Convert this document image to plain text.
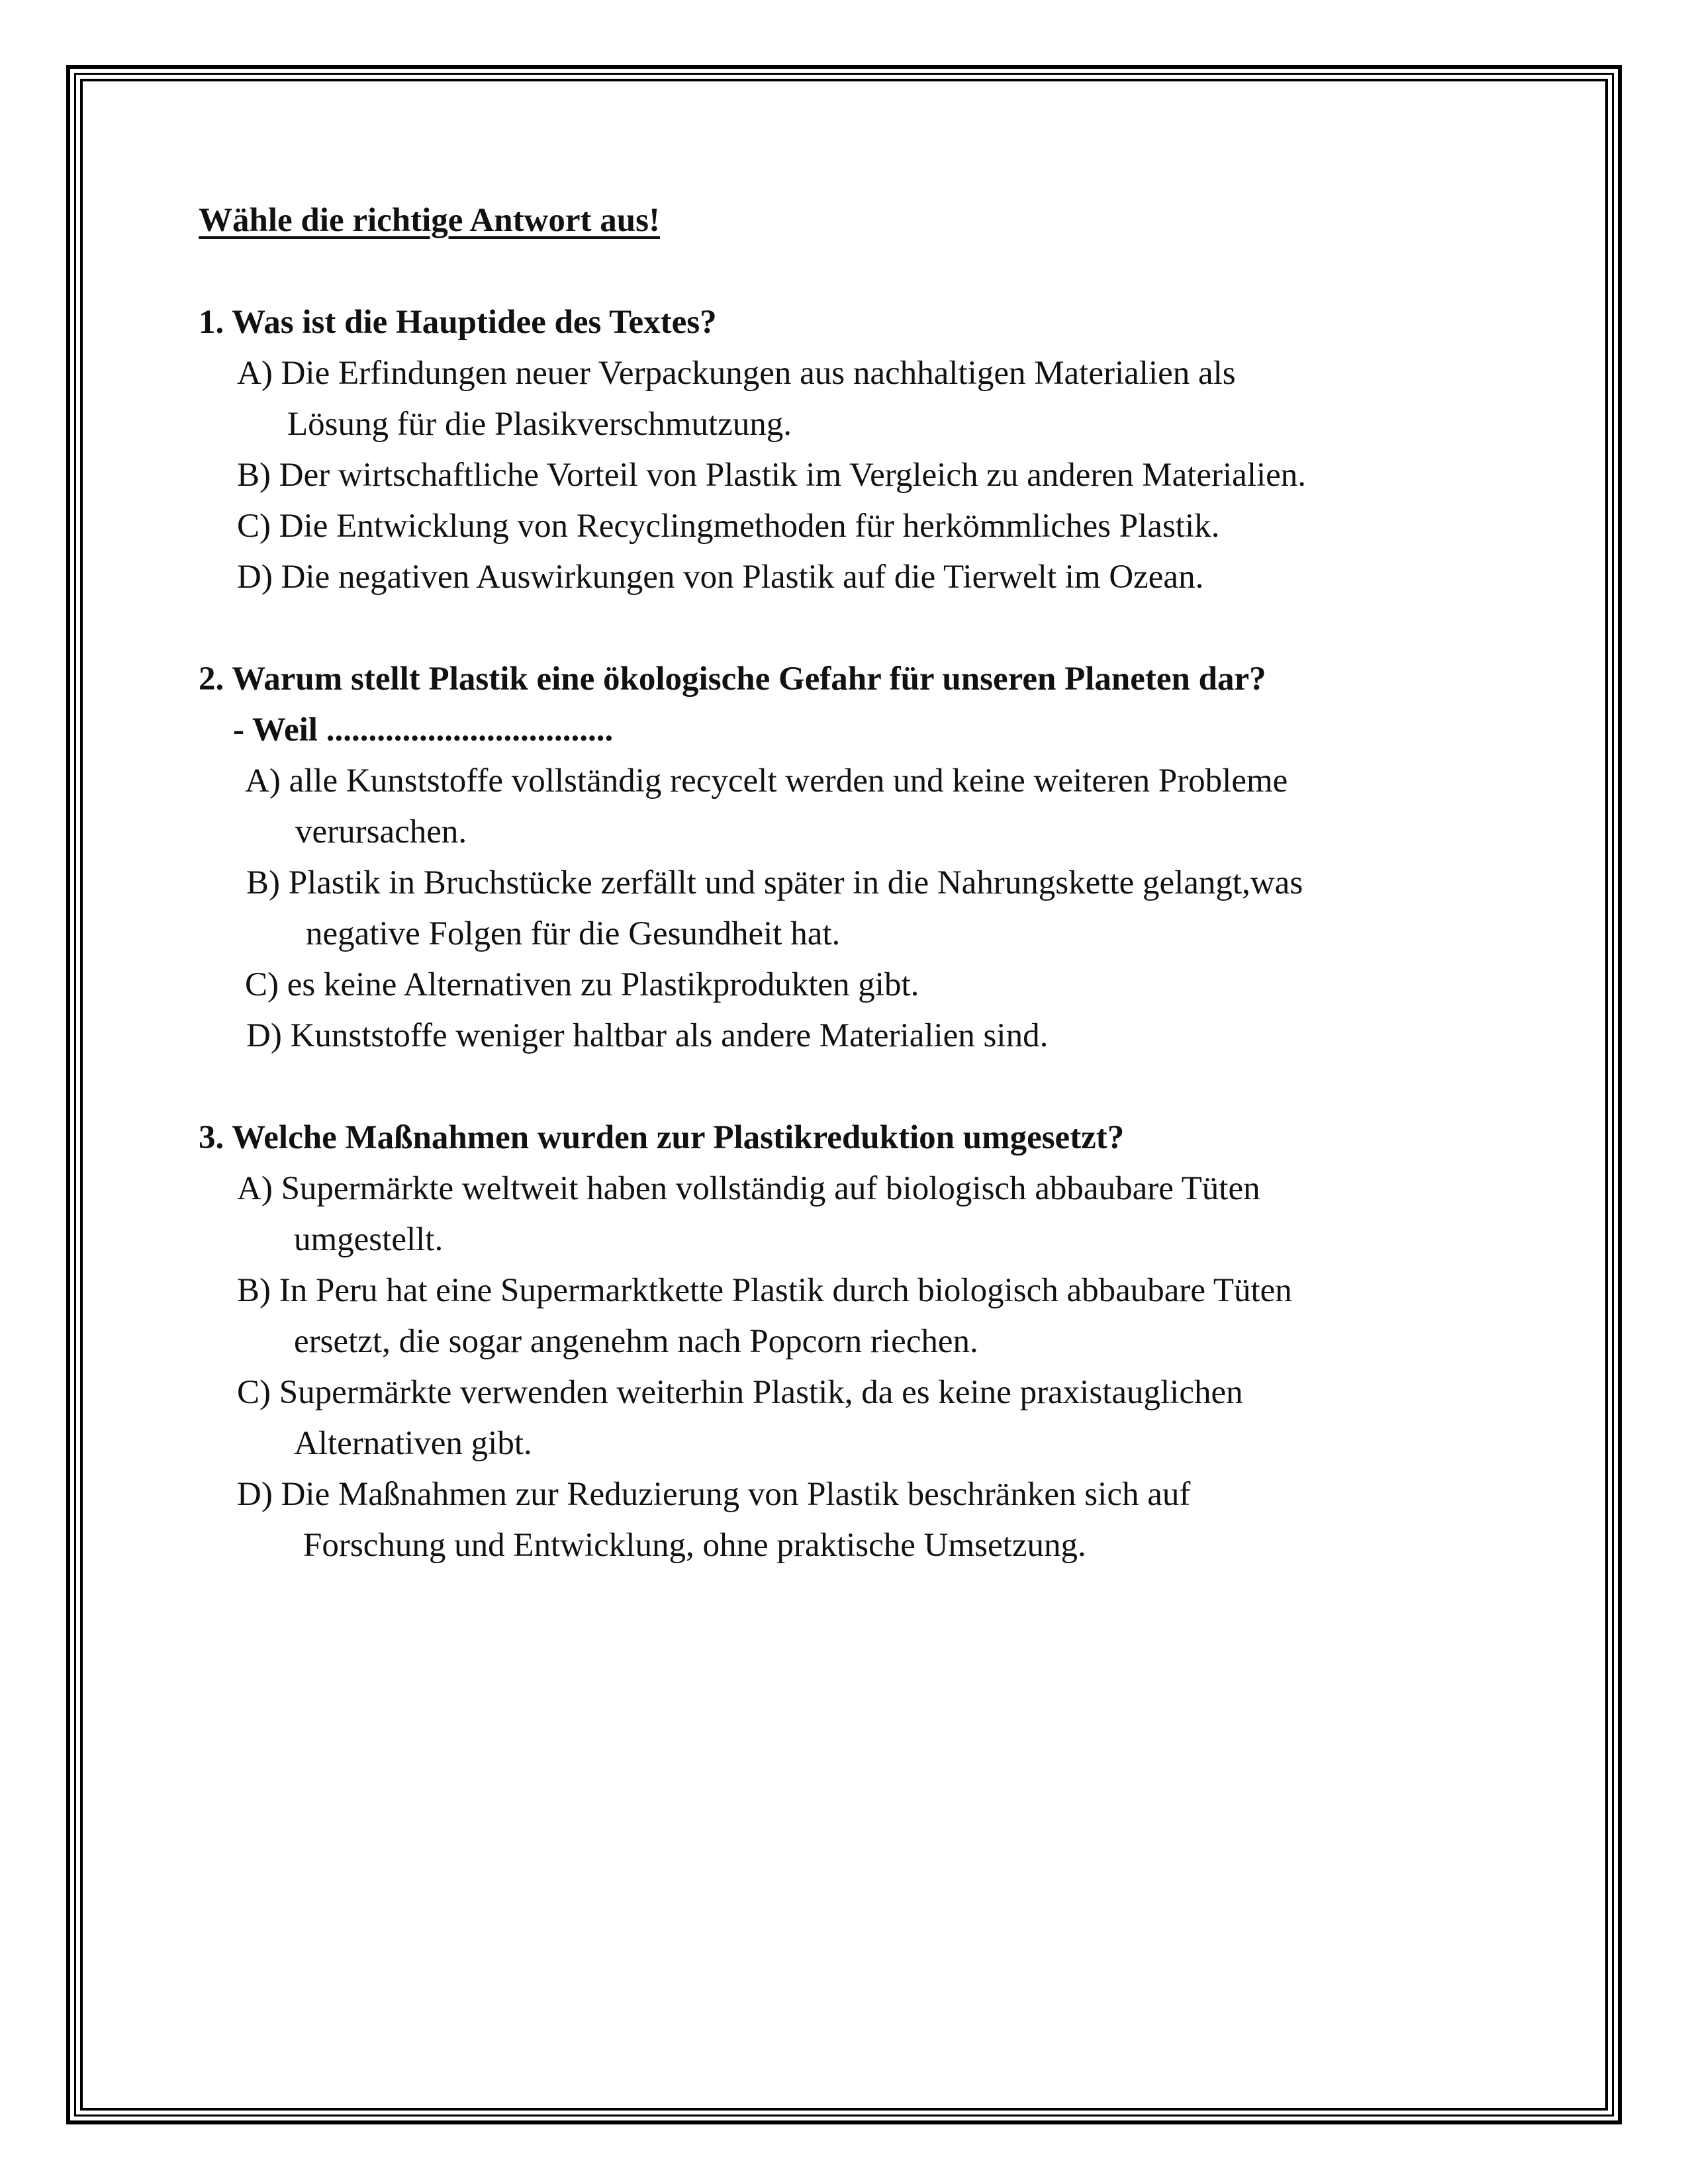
Wähle die richtige Antwort aus!

1. Was ist die Hauptidee des Textes?

A) Die Erfindungen neuer Verpackungen aus nachhaltigen Materialien als
Lösung für die Plasikverschmutzung.

B) Der wirtschaftliche Vorteil von Plastik im Vergleich zu anderen Materialien.

C) Die Entwicklung von Recyclingmethoden für herkömmliches Plastik.

D) Die negativen Auswirkungen von Plastik auf die Tierwelt im Ozean.

2. Warum stellt Plastik eine ökologische Gefahr für unseren Planeten dar?

- Weil ..................................

A) alle Kunststoffe vollständig recycelt werden und keine weiteren Probleme
verursachen.

B) Plastik in Bruchstücke zerfällt und später in die Nahrungskette gelangt,was
negative Folgen für die Gesundheit hat.

C) es keine Alternativen zu Plastikprodukten gibt.

D) Kunststoffe weniger haltbar als andere Materialien sind.

3. Welche Maßnahmen wurden zur Plastikreduktion umgesetzt?

A) Supermärkte weltweit haben vollständig auf biologisch abbaubare Tüten
umgestellt.

B) In Peru hat eine Supermarktkette Plastik durch biologisch abbaubare Tüten
ersetzt, die sogar angenehm nach Popcorn riechen.

C) Supermärkte verwenden weiterhin Plastik, da es keine praxistauglichen
Alternativen gibt.

D) Die Maßnahmen zur Reduzierung von Plastik beschränken sich auf
Forschung und Entwicklung, ohne praktische Umsetzung.
